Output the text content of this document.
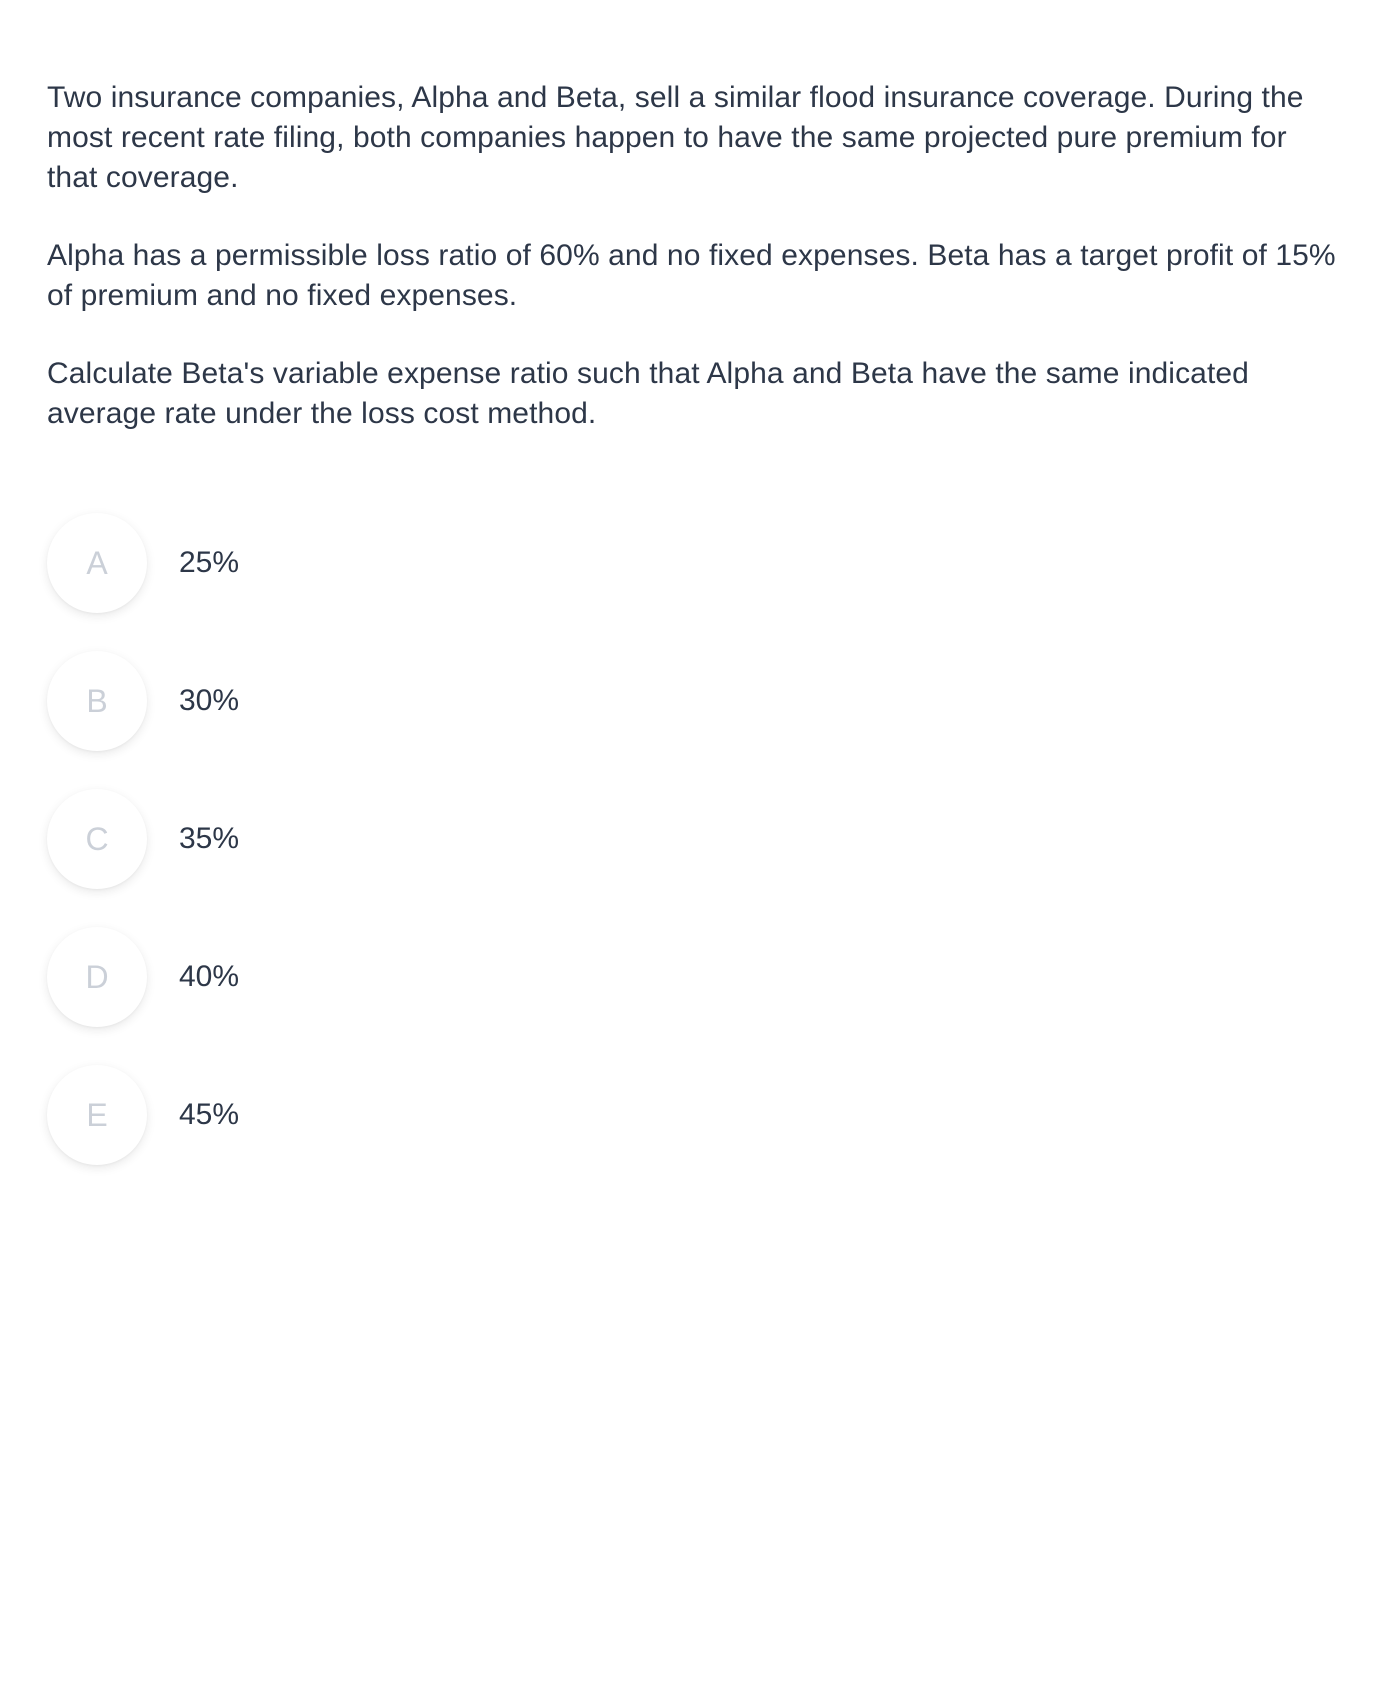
Two insurance companies, Alpha and Beta, sell a similar flood insurance coverage. During the most recent rate filing, both companies happen to have the same projected pure premium for that coverage.

Alpha has a permissible loss ratio of 60% and no fixed expenses. Beta has a target profit of 15% of premium and no fixed expenses.

Calculate Beta's variable expense ratio such that Alpha and Beta have the same indicated average rate under the loss cost method.

A	25%
B	30%
C	35%
D	40%
E	45%
